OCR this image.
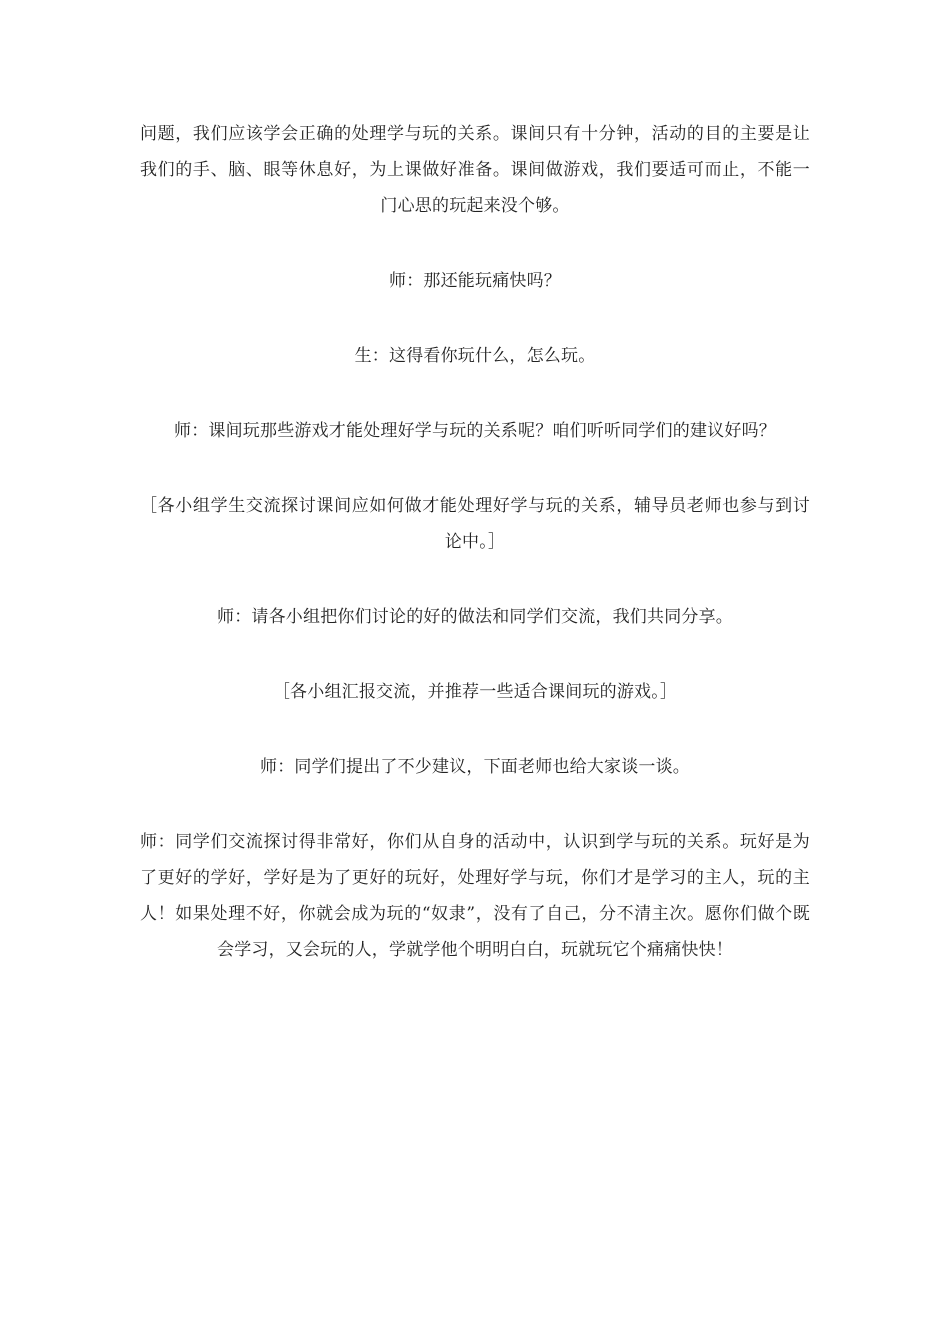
问题，我们应该学会正确的处理学与玩的关系。课间只有十分钟，活动的目的主要是让我们的手、脑、眼等休息好，为上课做好准备。课间做游戏，我们要适可而止，不能一门心思的玩起来没个够。

师：那还能玩痛快吗？

生：这得看你玩什么，怎么玩。

师：课间玩那些游戏才能处理好学与玩的关系呢？咱们听听同学们的建议好吗？

［各小组学生交流探讨课间应如何做才能处理好学与玩的关系，辅导员老师也参与到讨论中。］

师：请各小组把你们讨论的好的做法和同学们交流，我们共同分享。

［各小组汇报交流，并推荐一些适合课间玩的游戏。］

师：同学们提出了不少建议，下面老师也给大家谈一谈。

师：同学们交流探讨得非常好，你们从自身的活动中，认识到学与玩的关系。玩好是为了更好的学好，学好是为了更好的玩好，处理好学与玩，你们才是学习的主人，玩的主人！如果处理不好，你就会成为玩的“奴隶”，没有了自己，分不清主次。愿你们做个既会学习，又会玩的人，学就学他个明明白白，玩就玩它个痛痛快快！
